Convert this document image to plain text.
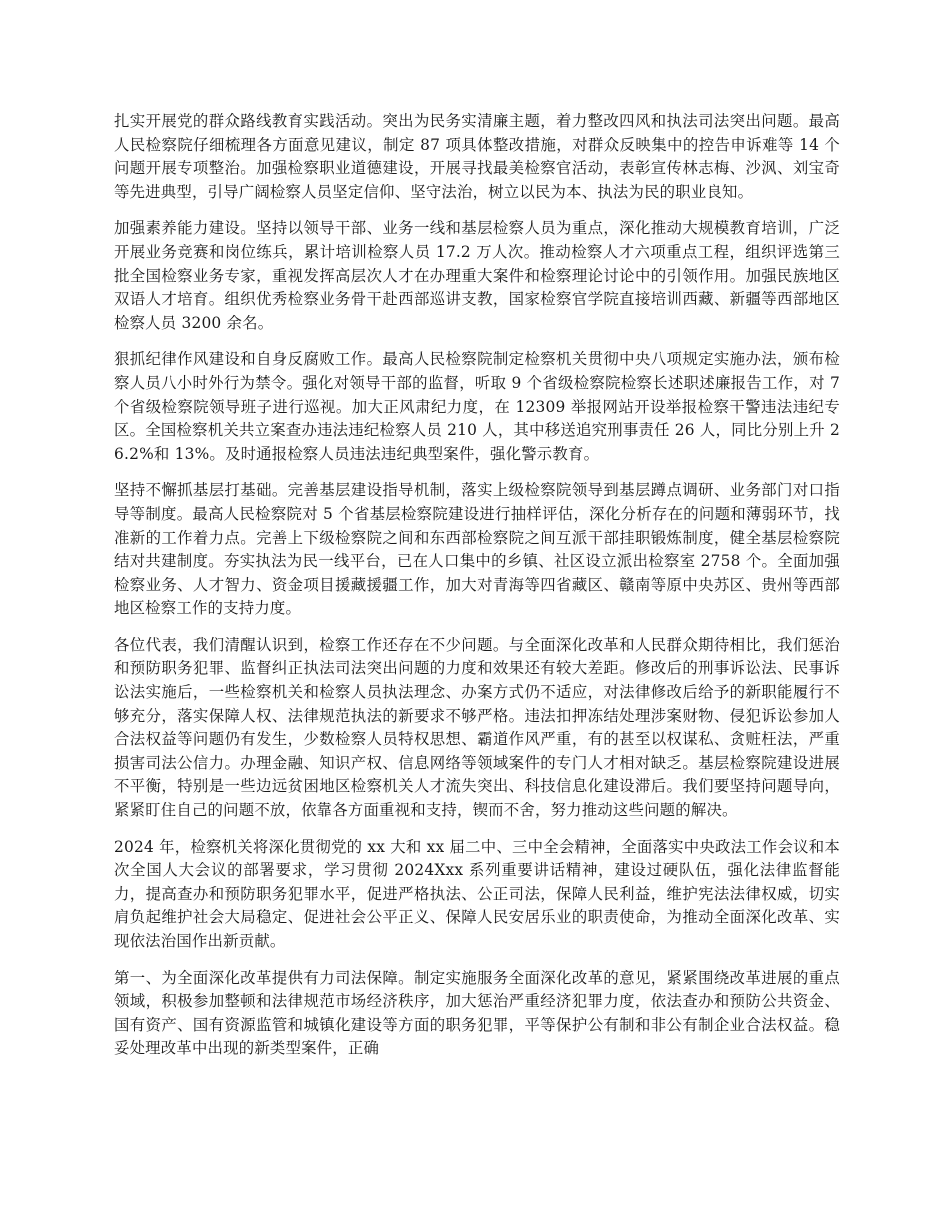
扎实开展党的群众路线教育实践活动。突出为民务实清廉主题，着力整改四风和执法司法突出问题。最高人民检察院仔细梳理各方面意见建议，制定 87 项具体整改措施，对群众反映集中的控告申诉难等 14 个问题开展专项整治。加强检察职业道德建设，开展寻找最美检察官活动，表彰宣传林志梅、沙沨、刘宝奇等先进典型，引导广阔检察人员坚定信仰、坚守法治，树立以民为本、执法为民的职业良知。

加强素养能力建设。坚持以领导干部、业务一线和基层检察人员为重点，深化推动大规模教育培训，广泛开展业务竞赛和岗位练兵，累计培训检察人员 17.2 万人次。推动检察人才六项重点工程，组织评选第三批全国检察业务专家，重视发挥高层次人才在办理重大案件和检察理论讨论中的引领作用。加强民族地区双语人才培育。组织优秀检察业务骨干赴西部巡讲支教，国家检察官学院直接培训西藏、新疆等西部地区检察人员 3200 余名。

狠抓纪律作风建设和自身反腐败工作。最高人民检察院制定检察机关贯彻中央八项规定实施办法，颁布检察人员八小时外行为禁令。强化对领导干部的监督，听取 9 个省级检察院检察长述职述廉报告工作，对 7 个省级检察院领导班子进行巡视。加大正风肃纪力度，在 12309 举报网站开设举报检察干警违法违纪专区。全国检察机关共立案查办违法违纪检察人员 210 人，其中移送追究刑事责任 26 人，同比分别上升 26.2%和 13%。及时通报检察人员违法违纪典型案件，强化警示教育。

坚持不懈抓基层打基础。完善基层建设指导机制，落实上级检察院领导到基层蹲点调研、业务部门对口指导等制度。最高人民检察院对 5 个省基层检察院建设进行抽样评估，深化分析存在的问题和薄弱环节，找准新的工作着力点。完善上下级检察院之间和东西部检察院之间互派干部挂职锻炼制度，健全基层检察院结对共建制度。夯实执法为民一线平台，已在人口集中的乡镇、社区设立派出检察室 2758 个。全面加强检察业务、人才智力、资金项目援藏援疆工作，加大对青海等四省藏区、赣南等原中央苏区、贵州等西部地区检察工作的支持力度。

各位代表，我们清醒认识到，检察工作还存在不少问题。与全面深化改革和人民群众期待相比，我们惩治和预防职务犯罪、监督纠正执法司法突出问题的力度和效果还有较大差距。修改后的刑事诉讼法、民事诉讼法实施后，一些检察机关和检察人员执法理念、办案方式仍不适应，对法律修改后给予的新职能履行不够充分，落实保障人权、法律规范执法的新要求不够严格。违法扣押冻结处理涉案财物、侵犯诉讼参加人合法权益等问题仍有发生，少数检察人员特权思想、霸道作风严重，有的甚至以权谋私、贪赃枉法，严重损害司法公信力。办理金融、知识产权、信息网络等领域案件的专门人才相对缺乏。基层检察院建设进展不平衡，特别是一些边远贫困地区检察机关人才流失突出、科技信息化建设滞后。我们要坚持问题导向，紧紧盯住自己的问题不放，依靠各方面重视和支持，锲而不舍，努力推动这些问题的解决。

2024 年，检察机关将深化贯彻党的 xx 大和 xx 届二中、三中全会精神，全面落实中央政法工作会议和本次全国人大会议的部署要求，学习贯彻 2024Xxx 系列重要讲话精神，建设过硬队伍，强化法律监督能力，提高查办和预防职务犯罪水平，促进严格执法、公正司法，保障人民利益，维护宪法法律权威，切实肩负起维护社会大局稳定、促进社会公平正义、保障人民安居乐业的职责使命，为推动全面深化改革、实现依法治国作出新贡献。

第一、为全面深化改革提供有力司法保障。制定实施服务全面深化改革的意见，紧紧围绕改革进展的重点领域，积极参加整顿和法律规范市场经济秩序，加大惩治严重经济犯罪力度，依法查办和预防公共资金、国有资产、国有资源监管和城镇化建设等方面的职务犯罪，平等保护公有制和非公有制企业合法权益。稳妥处理改革中出现的新类型案件，正确
